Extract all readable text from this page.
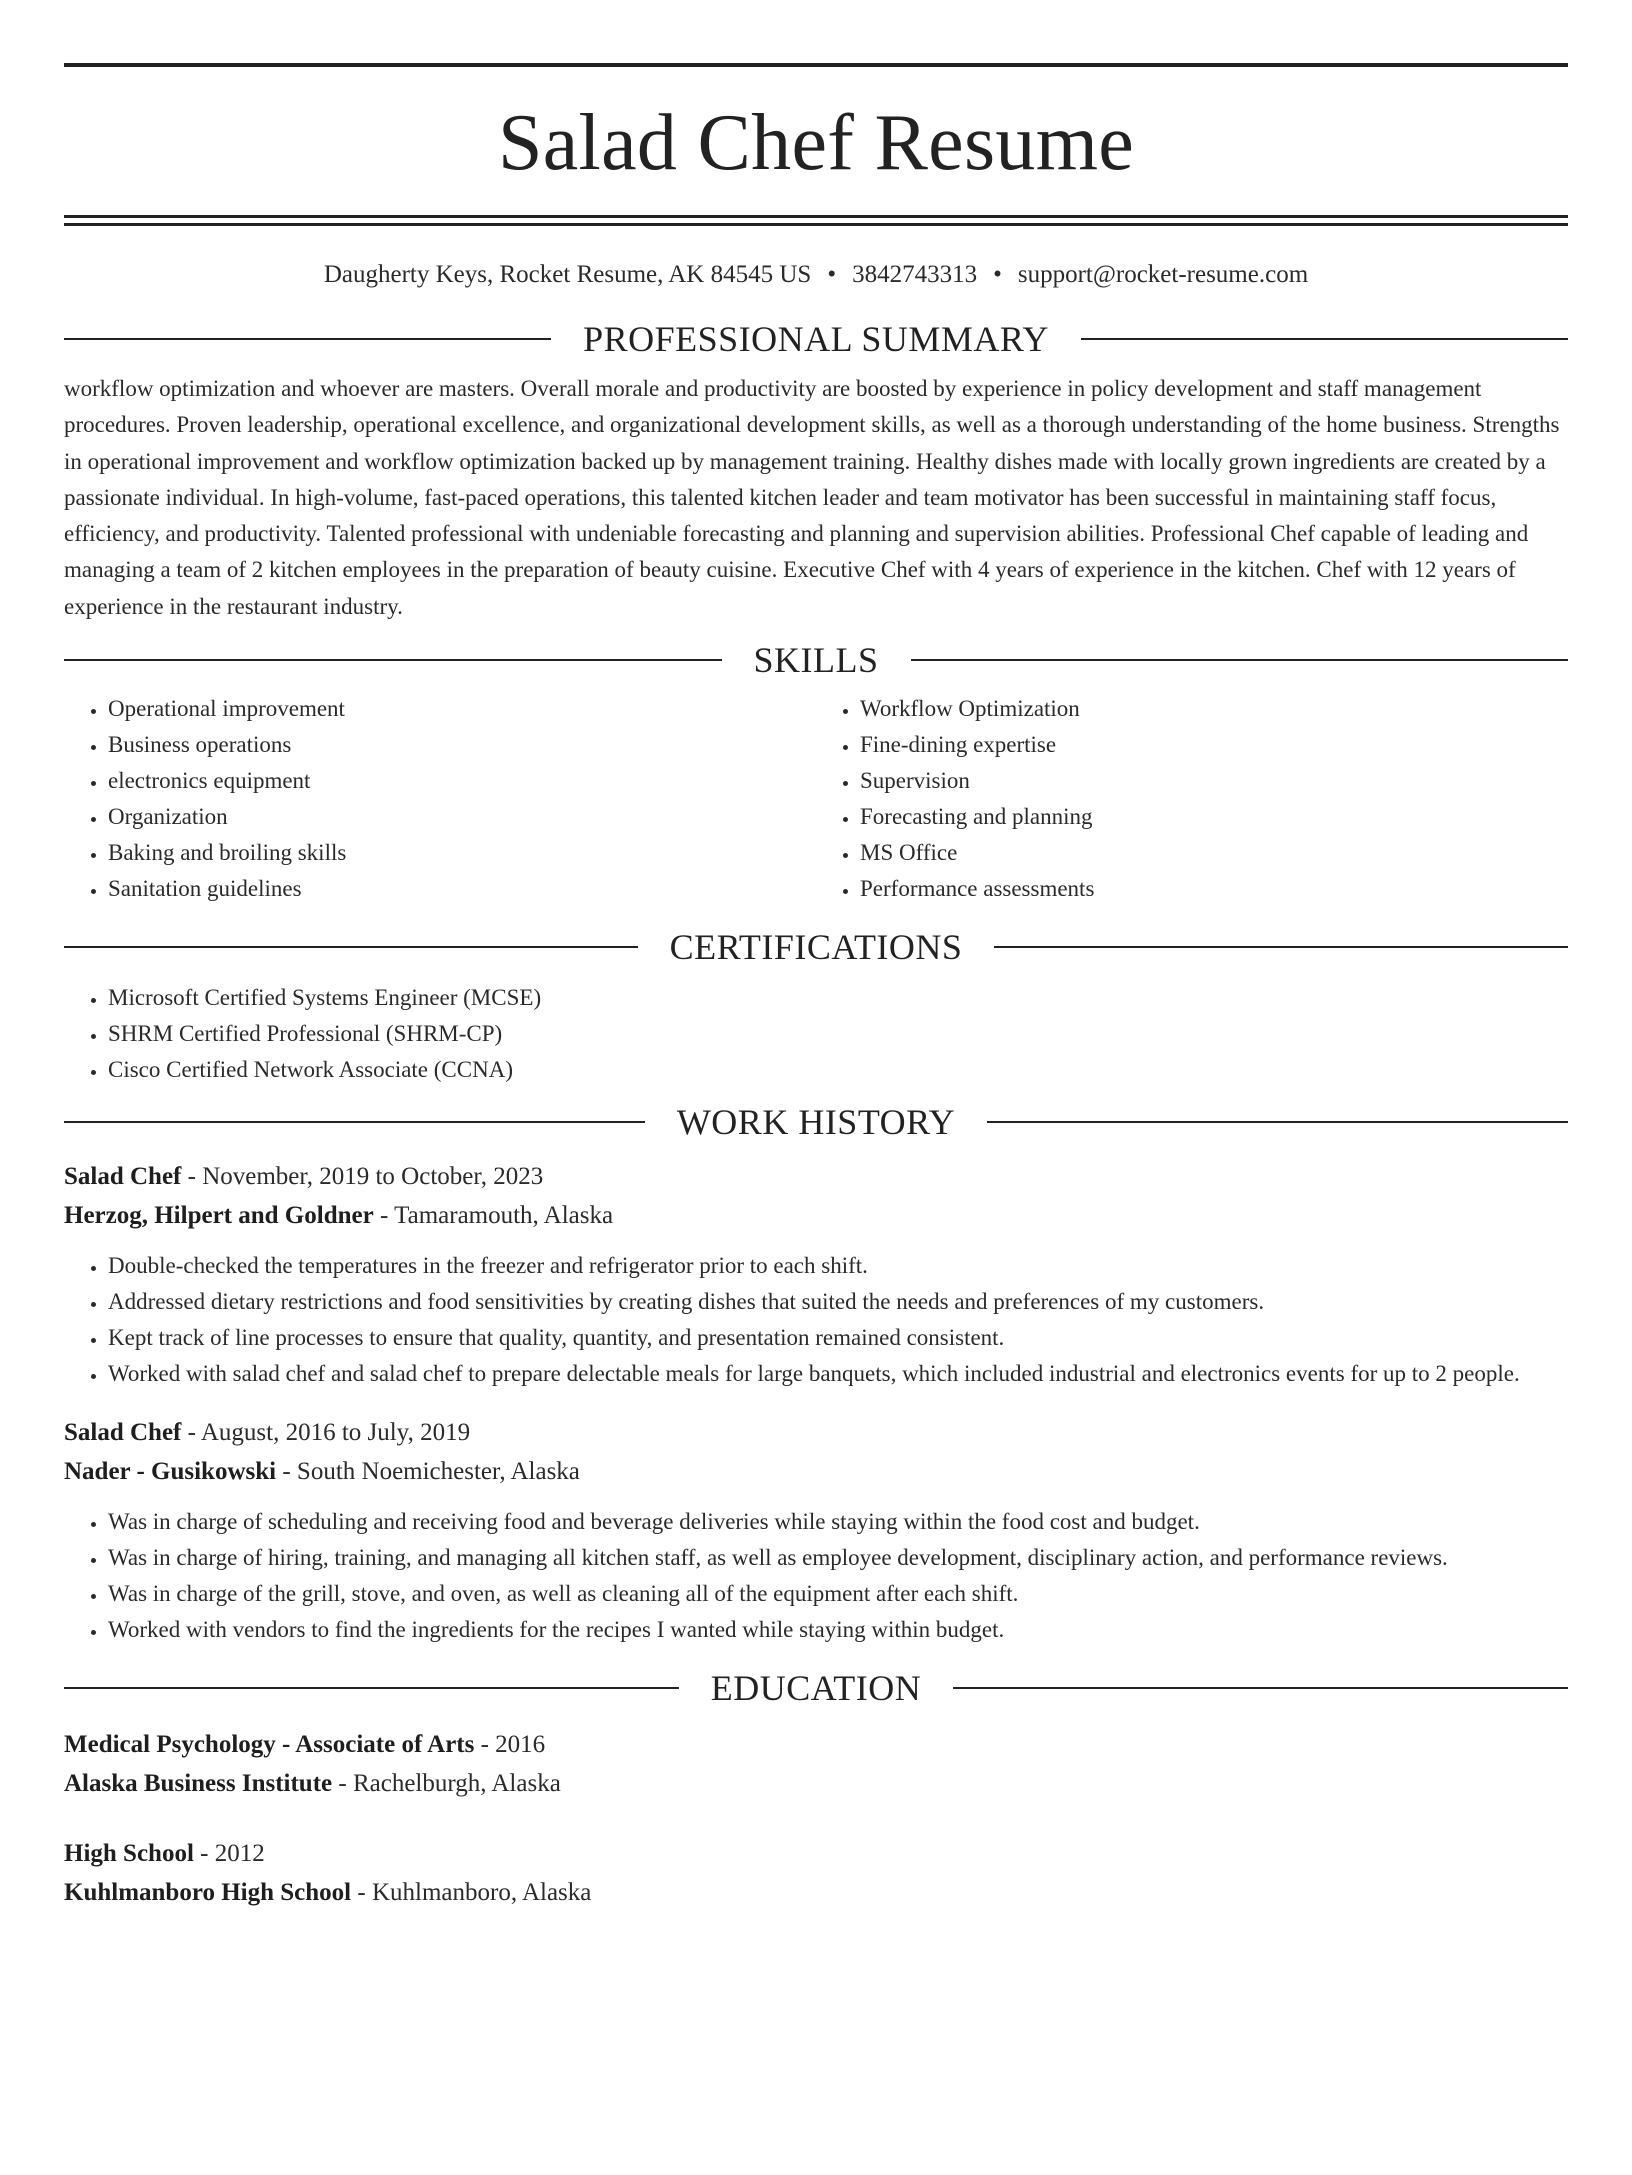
Salad Chef Resume
Daugherty Keys, Rocket Resume, AK 84545 US • 3842743313 • support@rocket-resume.com
PROFESSIONAL SUMMARY

workflow optimization and whoever are masters. Overall morale and productivity are boosted by experience in policy development and staff management procedures. Proven leadership, operational excellence, and organizational development skills, as well as a thorough understanding of the home business. Strengths in operational improvement and workflow optimization backed up by management training. Healthy dishes made with locally grown ingredients are created by a passionate individual. In high-volume, fast-paced operations, this talented kitchen leader and team motivator has been successful in maintaining staff focus, efficiency, and productivity. Talented professional with undeniable forecasting and planning and supervision abilities. Professional Chef capable of leading and managing a team of 2 kitchen employees in the preparation of beauty cuisine. Executive Chef with 4 years of experience in the kitchen. Chef with 12 years of experience in the restaurant industry.

SKILLS
• Operational improvement
• Business operations
• electronics equipment
• Organization
• Baking and broiling skills
• Sanitation guidelines
• Workflow Optimization
• Fine-dining expertise
• Supervision
• Forecasting and planning
• MS Office
• Performance assessments
CERTIFICATIONS
• Microsoft Certified Systems Engineer (MCSE)
• SHRM Certified Professional (SHRM-CP)
• Cisco Certified Network Associate (CCNA)
WORK HISTORY
Salad Chef - November, 2019 to October, 2023
Herzog, Hilpert and Goldner - Tamaramouth, Alaska
• Double-checked the temperatures in the freezer and refrigerator prior to each shift.
• Addressed dietary restrictions and food sensitivities by creating dishes that suited the needs and preferences of my customers.
• Kept track of line processes to ensure that quality, quantity, and presentation remained consistent.
• Worked with salad chef and salad chef to prepare delectable meals for large banquets, which included industrial and electronics events for up to 2 people.
Salad Chef - August, 2016 to July, 2019
Nader - Gusikowski - South Noemichester, Alaska
• Was in charge of scheduling and receiving food and beverage deliveries while staying within the food cost and budget.
• Was in charge of hiring, training, and managing all kitchen staff, as well as employee development, disciplinary action, and performance reviews.
• Was in charge of the grill, stove, and oven, as well as cleaning all of the equipment after each shift.
• Worked with vendors to find the ingredients for the recipes I wanted while staying within budget.
EDUCATION
Medical Psychology - Associate of Arts - 2016
Alaska Business Institute - Rachelburgh, Alaska
High School - 2012
Kuhlmanboro High School - Kuhlmanboro, Alaska
